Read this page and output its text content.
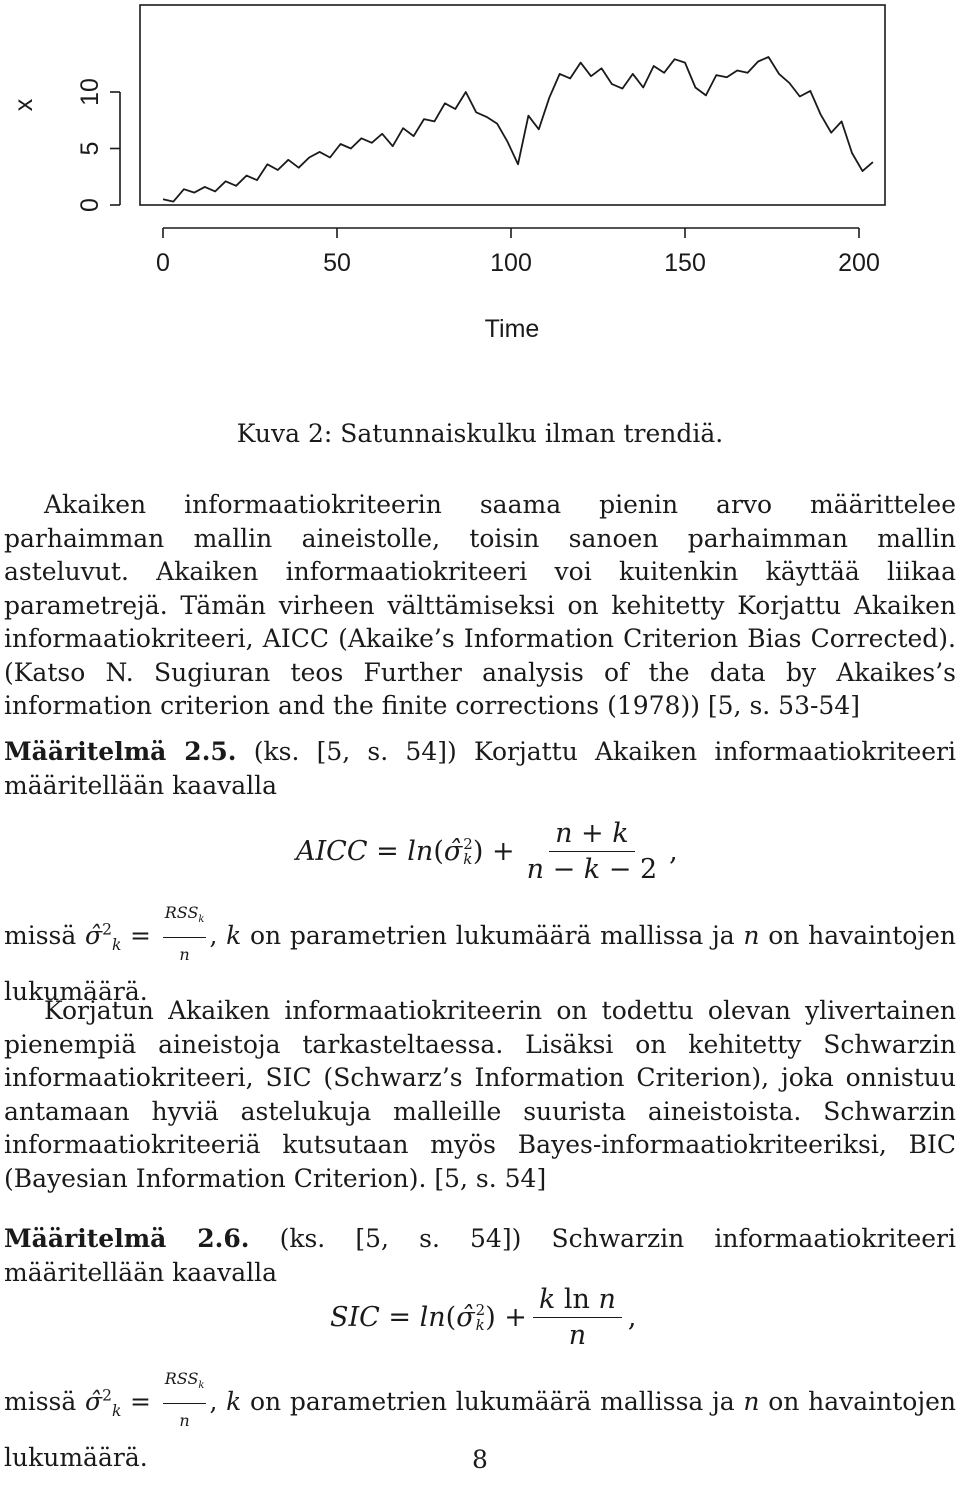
0	50	100	150	200
0
5
10
Time
x
Kuva 2: Satunnaiskulku ilman trendiä.

Akaiken informaatiokriteerin saama pienin arvo määrittelee parhaimman mallin aineistolle, toisin sanoen parhaimman mallin asteluvut. Akaiken informaatiokriteeri voi kuitenkin käyttää liikaa parametrejä. Tämän virheen välttämiseksi on kehitetty Korjattu Akaiken informaatiokriteeri, AICC (Akaike’s Information Criterion Bias Corrected). (Katso N. Sugiuran teos Further analysis of the data by Akaikes’s information criterion and the finite corrections (1978)) [5, s. 53-54]

Määritelmä 2.5. (ks. [5, s. 54]) Korjattu Akaiken informaatiokriteeri määritellään kaavalla

AICC = ln ( σ̂ 2
k ) + $\frac{n + k}{n - k - 2}$ ,

missä σ̂$^2_k$ =
$RSS_k$
n
, k on parametrien lukumäärä mallissa ja n on havaintojen lukumäärä.

Korjatun Akaiken informaatiokriteerin on todettu olevan ylivertainen pienempiä aineistoja tarkasteltaessa. Lisäksi on kehitetty Schwarzin informaatiokriteeri, SIC (Schwarz’s Information Criterion), joka onnistuu antamaan hyviä astelukuja malleille suurista aineistoista. Schwarzin informaatiokriteeriä kutsutaan myös Bayes-informaatiokriteeriksi, BIC (Bayesian Information Criterion). [5, s. 54]

Määritelmä 2.6. (ks. [5, s. 54]) Schwarzin informaatiokriteeri määritellään kaavalla

SIC = ln ( σ̂ 2
k ) + $\frac{\text{k ln n}}{n}$ ,

missä σ̂$^2_k$ =
$RSS_k$
n
, k on parametrien lukumäärä mallissa ja n on havaintojen lukumäärä.	8
